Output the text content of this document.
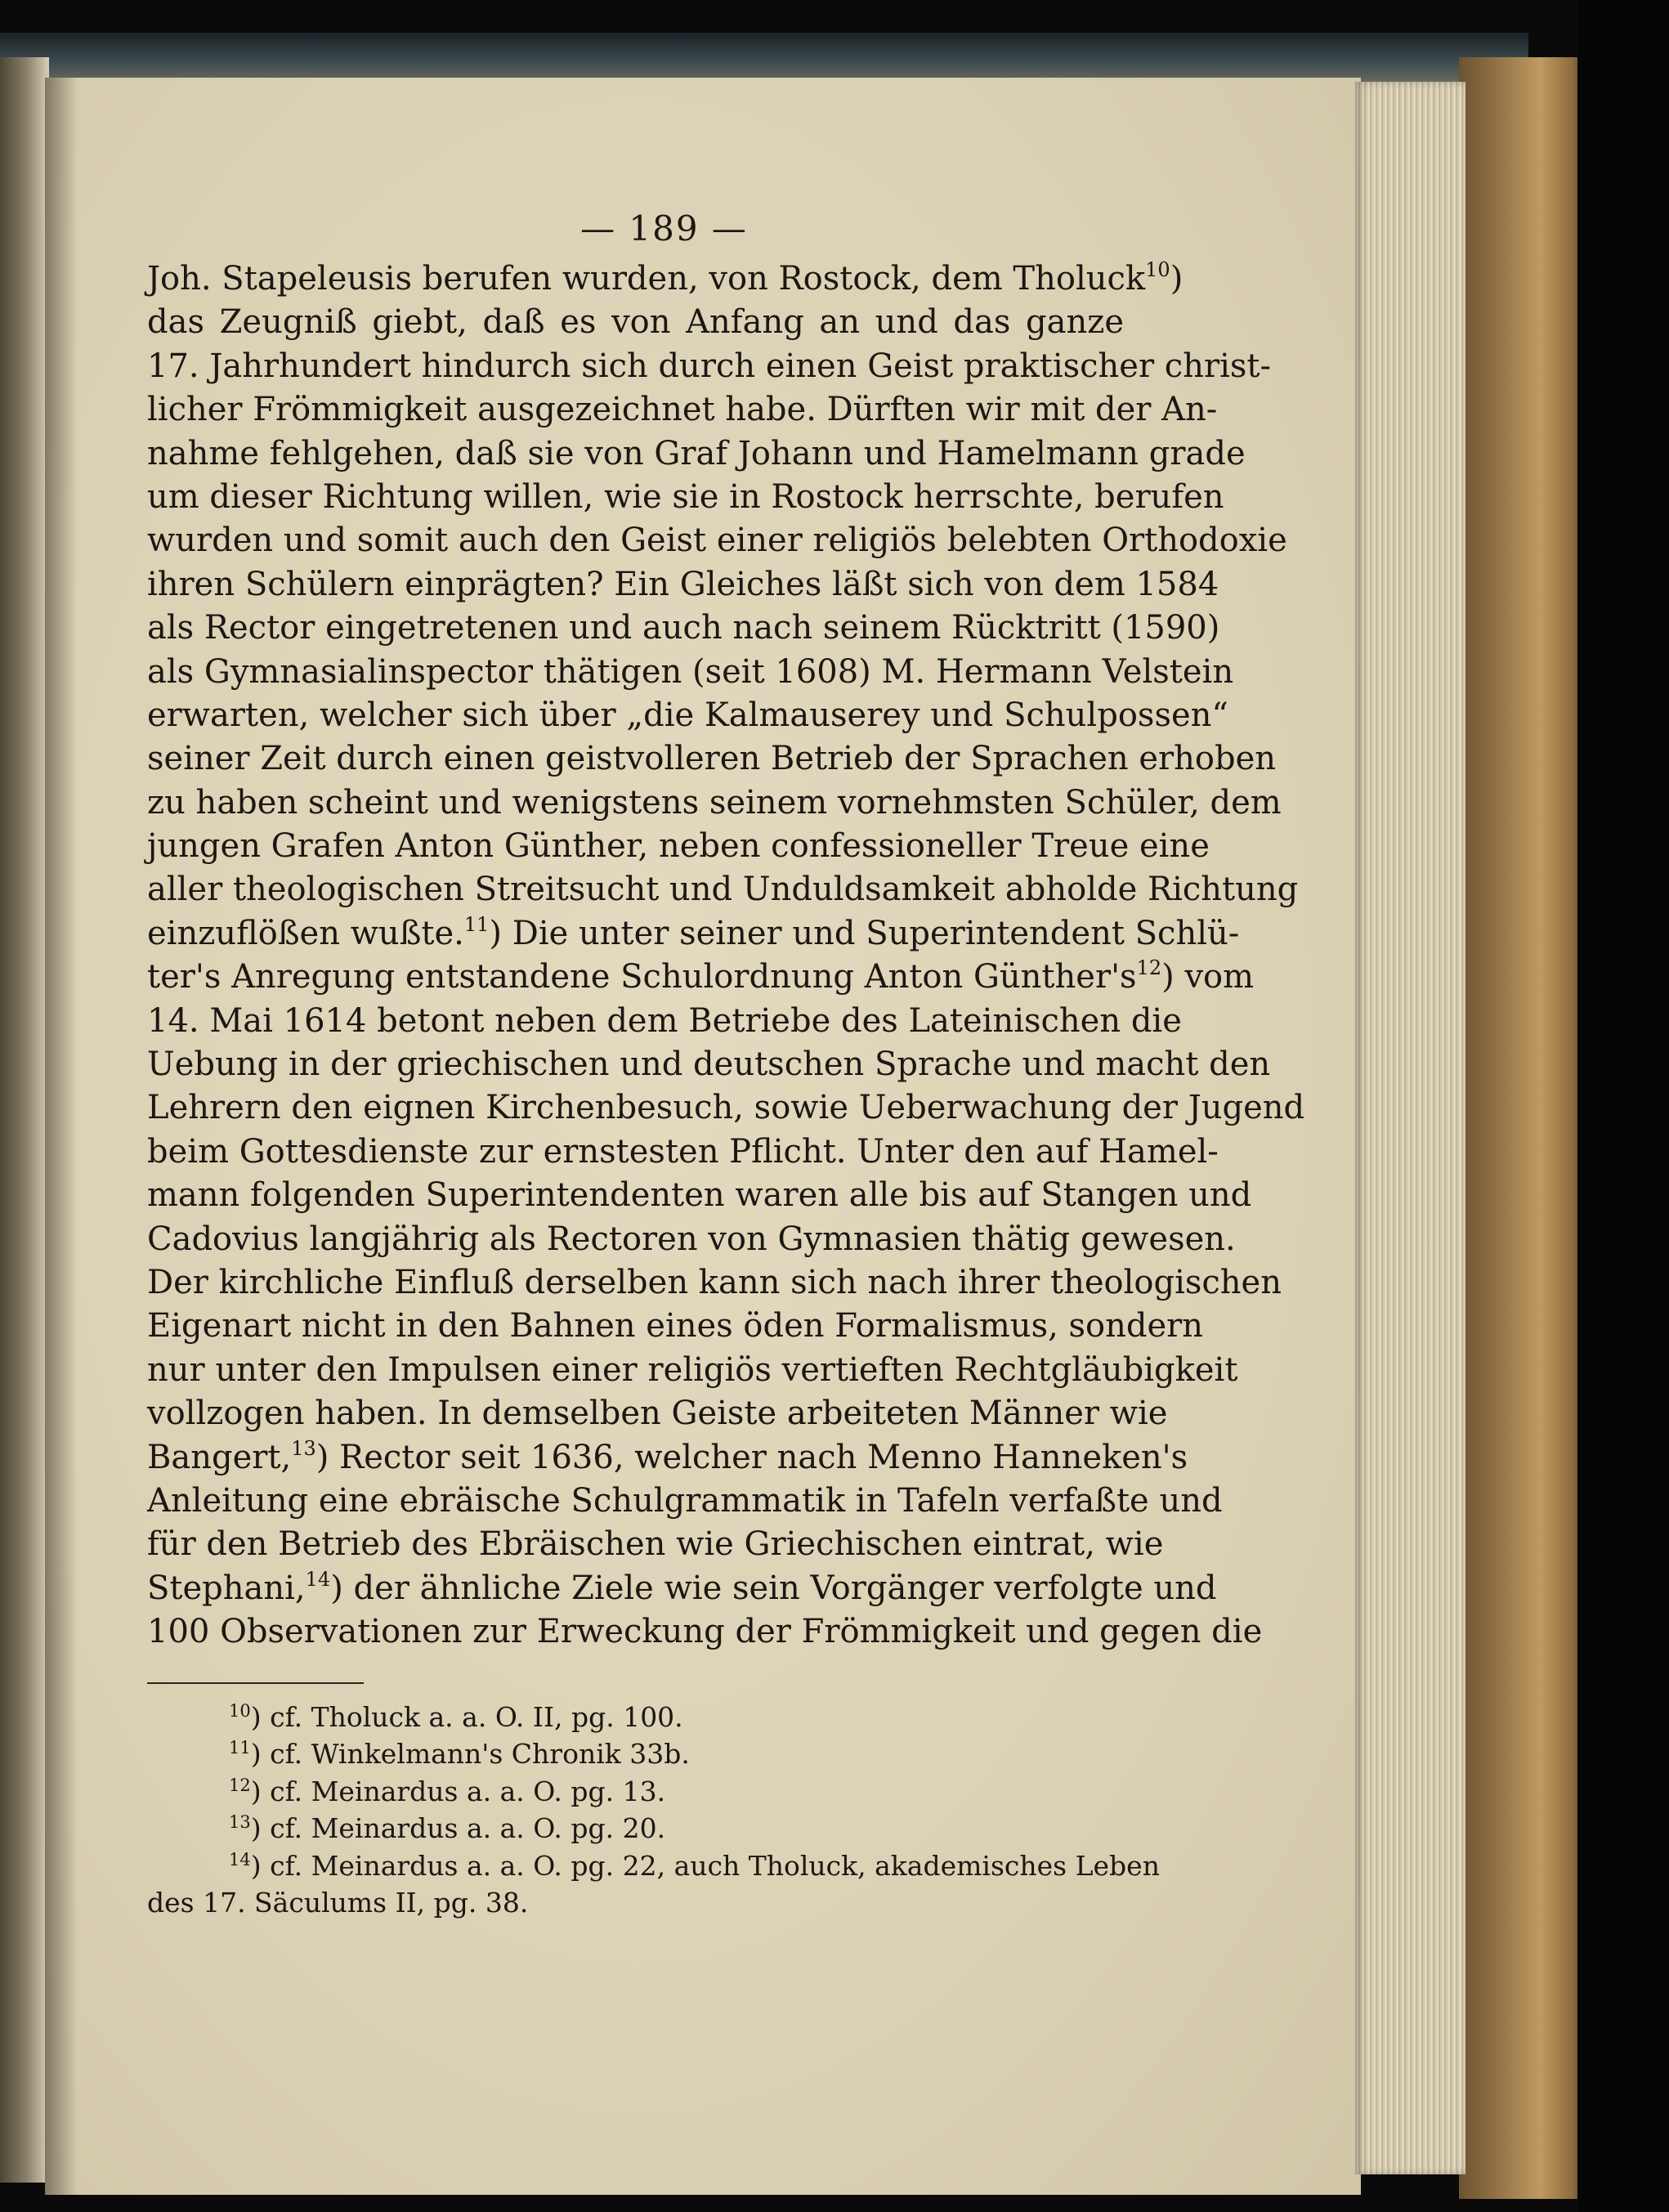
— 189 —
Joh. Stapeleusis berufen wurden, von Rostock, dem Tholuck$^{10}$)
das Zeugniß giebt, daß es von Anfang an und das ganze
17. Jahrhundert hindurch sich durch einen Geist praktischer christ-
licher Frömmigkeit ausgezeichnet habe. Dürften wir mit der An-
nahme fehlgehen, daß sie von Graf Johann und Hamelmann grade
um dieser Richtung willen, wie sie in Rostock herrschte, berufen
wurden und somit auch den Geist einer religiös belebten Orthodoxie
ihren Schülern einprägten? Ein Gleiches läßt sich von dem 1584
als Rector eingetretenen und auch nach seinem Rücktritt (1590)
als Gymnasialinspector thätigen (seit 1608) M. Hermann Velstein
erwarten, welcher sich über „die Kalmauserey und Schulpossen“
seiner Zeit durch einen geistvolleren Betrieb der Sprachen erhoben
zu haben scheint und wenigstens seinem vornehmsten Schüler, dem
jungen Grafen Anton Günther, neben confessioneller Treue eine
aller theologischen Streitsucht und Unduldsamkeit abholde Richtung
einzuflößen wußte.$^{11}$) Die unter seiner und Superintendent Schlü-
ter's Anregung entstandene Schulordnung Anton $Günther's^{12}$) vom
14. Mai 1614 betont neben dem Betriebe des Lateinischen die
Uebung in der griechischen und deutschen Sprache und macht den
Lehrern den eignen Kirchenbesuch, sowie Ueberwachung der Jugend
beim Gottesdienste zur ernstesten Pflicht. Unter den auf Hamel-
mann folgenden Superintendenten waren alle bis auf Stangen und
Cadovius langjährig als Rectoren von Gymnasien thätig gewesen.
Der kirchliche Einfluß derselben kann sich nach ihrer theologischen
Eigenart nicht in den Bahnen eines öden Formalismus, sondern
nur unter den Impulsen einer religiös vertieften Rechtgläubigkeit
vollzogen haben. In demselben Geiste arbeiteten Männer wie
Bangert,$^{13}$) Rector seit 1636, welcher nach Menno Hanneken's
Anleitung eine ebräische Schulgrammatik in Tafeln verfaßte und
für den Betrieb des Ebräischen wie Griechischen eintrat, wie
Stephani,$^{14}$) der ähnliche Ziele wie sein Vorgänger verfolgte und
100 Observationen zur Erweckung der Frömmigkeit und gegen die
$^{10}$) cf. Tholuck a. a. O. II, pg. 100.
$^{11}$) cf. Winkelmann's Chronik 33b.
$^{12}$) cf. Meinardus a. a. O. pg. 13.
$^{13}$) cf. Meinardus a. a. O. pg. 20.
$^{14}$) cf. Meinardus a. a. O. pg. 22, auch Tholuck, akademisches Leben
des 17. Säculums II, pg. 38.
